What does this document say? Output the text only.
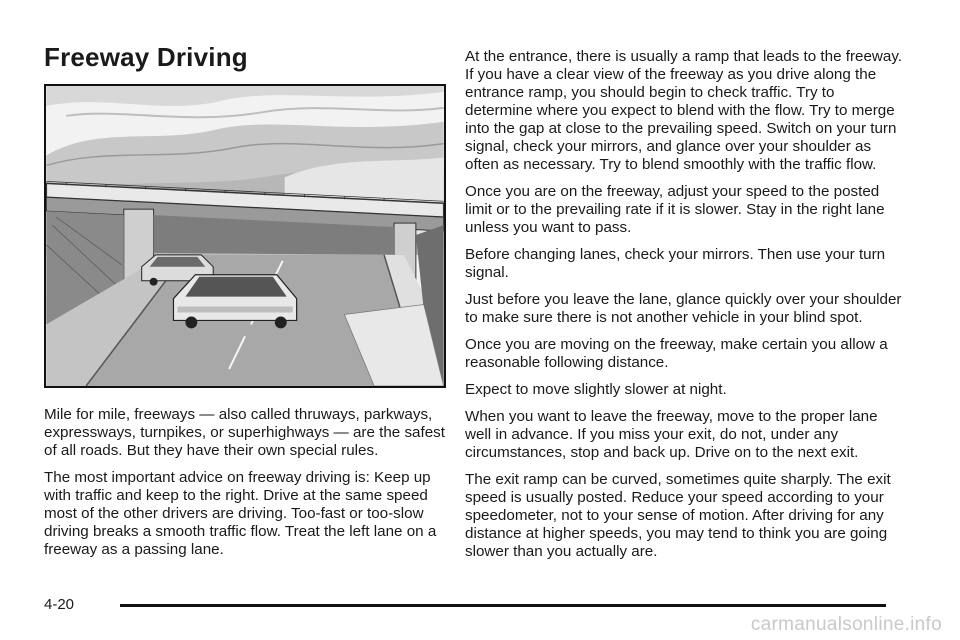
Freeway Driving

Mile for mile, freeways — also called thruways, parkways, expressways, turnpikes, or superhighways — are the safest of all roads. But they have their own special rules.

The most important advice on freeway driving is: Keep up with traffic and keep to the right. Drive at the same speed most of the other drivers are driving. Too-fast or too-slow driving breaks a smooth traffic flow. Treat the left lane on a freeway as a passing lane.

At the entrance, there is usually a ramp that leads to the freeway. If you have a clear view of the freeway as you drive along the entrance ramp, you should begin to check traffic. Try to determine where you expect to blend with the flow. Try to merge into the gap at close to the prevailing speed. Switch on your turn signal, check your mirrors, and glance over your shoulder as often as necessary. Try to blend smoothly with the traffic flow.

Once you are on the freeway, adjust your speed to the posted limit or to the prevailing rate if it is slower. Stay in the right lane unless you want to pass.

Before changing lanes, check your mirrors. Then use your turn signal.

Just before you leave the lane, glance quickly over your shoulder to make sure there is not another vehicle in your blind spot.

Once you are moving on the freeway, make certain you allow a reasonable following distance.

Expect to move slightly slower at night.

When you want to leave the freeway, move to the proper lane well in advance. If you miss your exit, do not, under any circumstances, stop and back up. Drive on to the next exit.

The exit ramp can be curved, sometimes quite sharply. The exit speed is usually posted. Reduce your speed according to your speedometer, not to your sense of motion. After driving for any distance at higher speeds, you may tend to think you are going slower than you actually are.

4-20
carmanualsonline.info
